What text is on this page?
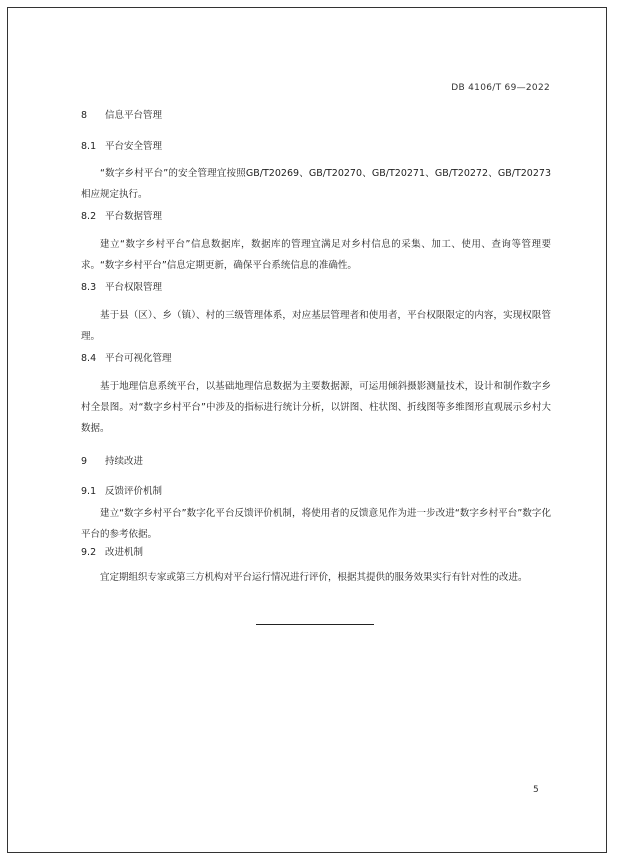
DB 4106/T 69—2022
8 信息平台管理
8.1 平台安全管理
“数字乡村平台”的安全管理宜按照GB/T20269、GB/T20270、GB/T20271、GB/T20272、GB/T20273相应规定执行。
8.2 平台数据管理
建立“数字乡村平台”信息数据库，数据库的管理宜满足对乡村信息的采集、加工、使用、查询等管理要求。“数字乡村平台”信息定期更新，确保平台系统信息的准确性。
8.3 平台权限管理
基于县（区）、乡（镇）、村的三级管理体系，对应基层管理者和使用者，平台权限限定的内容，实现权限管理。
8.4 平台可视化管理
基于地理信息系统平台，以基础地理信息数据为主要数据源，可运用倾斜摄影测量技术，设计和制作数字乡村全景图。对“数字乡村平台”中涉及的指标进行统计分析，以饼图、柱状图、折线图等多维图形直观展示乡村大数据。
9 持续改进
9.1 反馈评价机制
建立“数字乡村平台”数字化平台反馈评价机制，将使用者的反馈意见作为进一步改进“数字乡村平台”数字化平台的参考依据。
9.2 改进机制
宜定期组织专家或第三方机构对平台运行情况进行评价，根据其提供的服务效果实行有针对性的改进。
5
